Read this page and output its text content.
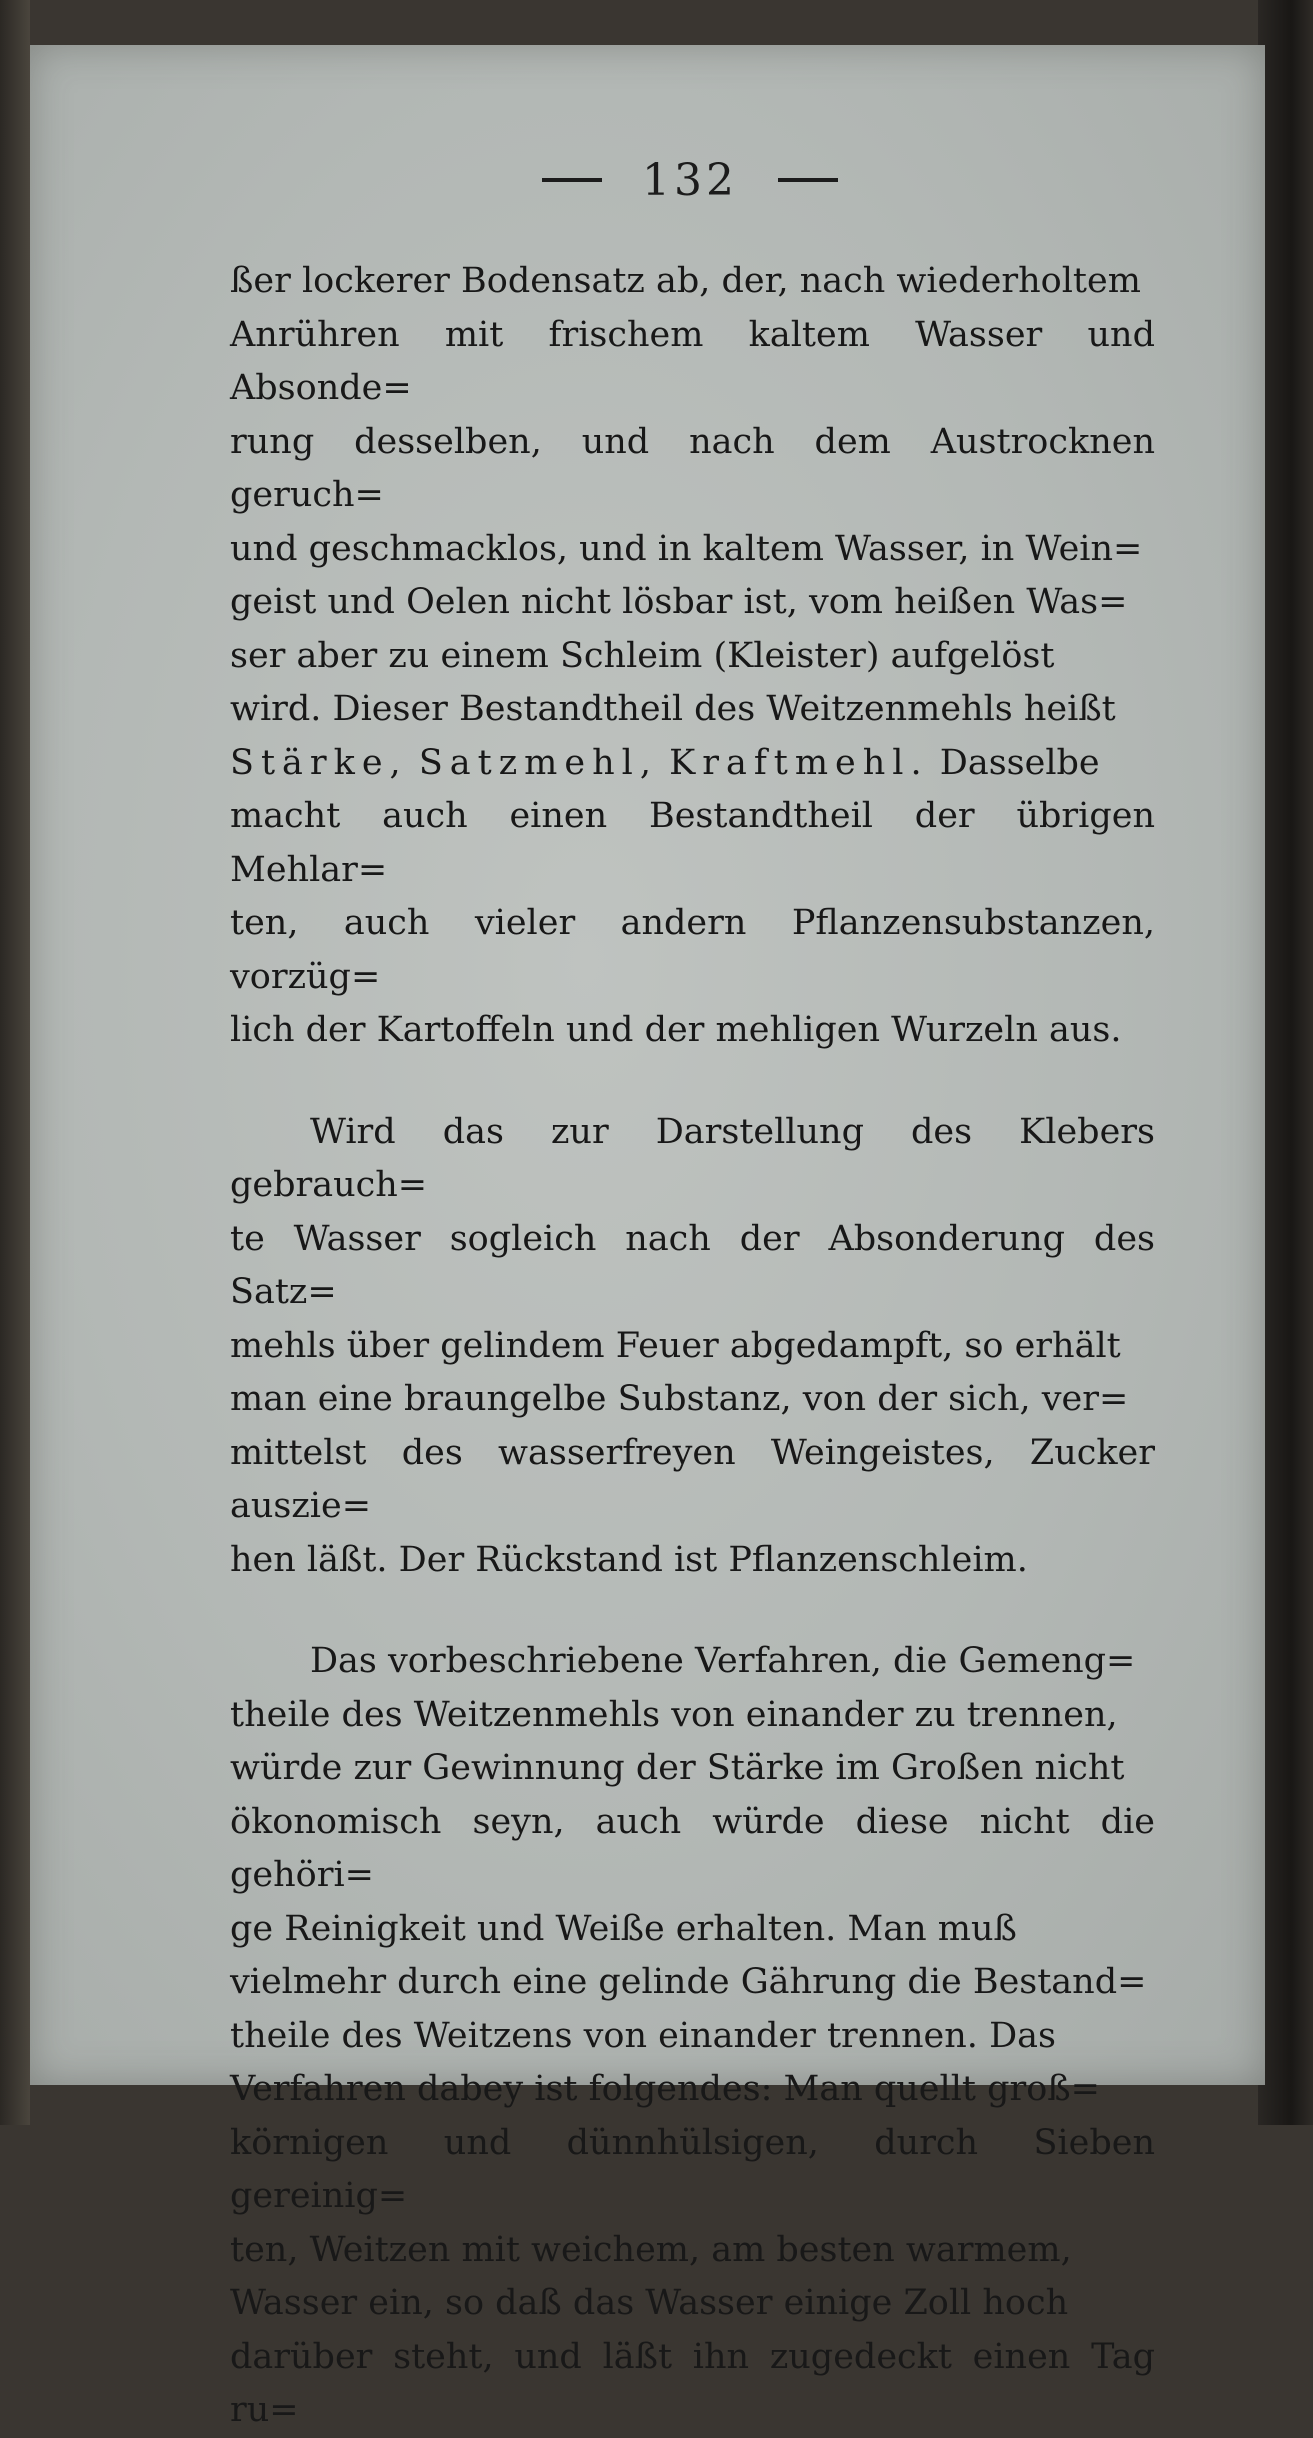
132
ßer lockerer Bodensatz ab, der, nach wiederholtem
Anrühren mit frischem kaltem Wasser und Absonde=
rung desselben, und nach dem Austrocknen geruch=
und geschmacklos, und in kaltem Wasser, in Wein=
geist und Oelen nicht lösbar ist, vom heißen Was=
ser aber zu einem Schleim (Kleister) aufgelöst
wird. Dieser Bestandtheil des Weitzenmehls heißt
Stärke, Satzmehl, Kraftmehl. Dasselbe
macht auch einen Bestandtheil der übrigen Mehlar=
ten, auch vieler andern Pflanzensubstanzen, vorzüg=
lich der Kartoffeln und der mehligen Wurzeln aus.
Wird das zur Darstellung des Klebers gebrauch=
te Wasser sogleich nach der Absonderung des Satz=
mehls über gelindem Feuer abgedampft, so erhält
man eine braungelbe Substanz, von der sich, ver=
mittelst des wasserfreyen Weingeistes, Zucker auszie=
hen läßt. Der Rückstand ist Pflanzenschleim.
Das vorbeschriebene Verfahren, die Gemeng=
theile des Weitzenmehls von einander zu trennen,
würde zur Gewinnung der Stärke im Großen nicht
ökonomisch seyn, auch würde diese nicht die gehöri=
ge Reinigkeit und Weiße erhalten. Man muß
vielmehr durch eine gelinde Gährung die Bestand=
theile des Weitzens von einander trennen. Das
Verfahren dabey ist folgendes: Man quellt groß=
körnigen und dünnhülsigen, durch Sieben gereinig=
ten, Weitzen mit weichem, am besten warmem,
Wasser ein, so daß das Wasser einige Zoll hoch
darüber steht, und läßt ihn zugedeckt einen Tag ru=
